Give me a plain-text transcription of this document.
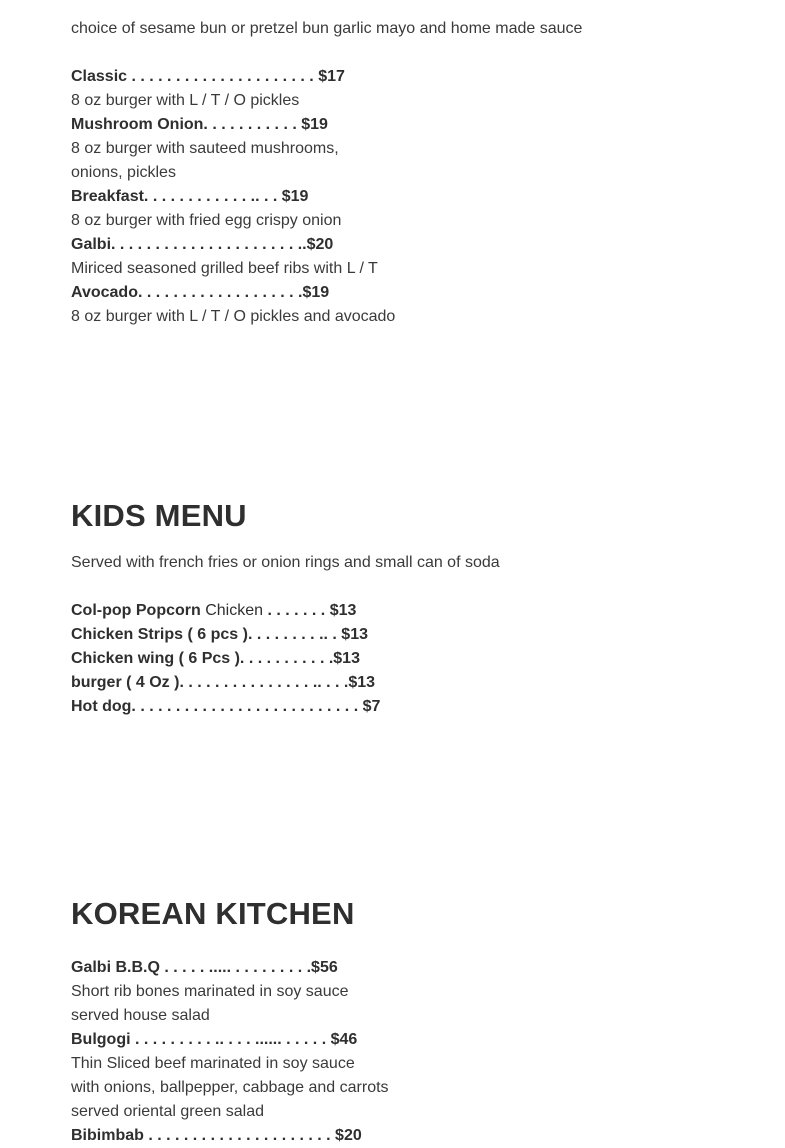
choice of sesame bun or pretzel bun garlic mayo and home made sauce
Classic . . . . . . . . . . . . . . . . . . . . . $17
8 oz burger with L / T / O pickles
Mushroom Onion. . . . . . . . . . . $19
8 oz burger with sauteed mushrooms,
onions, pickles
Breakfast. . . . . . . . . . . . .. . . $19
8 oz burger with fried egg crispy onion
Galbi. . . . . . . . . . . . . . . . . . . . . ..$20
Miriced seasoned grilled beef ribs with L / T
Avocado. . . . . . . . . . . . . . . . . . .$19
8 oz burger with L / T / O pickles and avocado
KIDS MENU
Served with french fries or onion rings and small can of soda
Col-pop Popcorn Chicken . . . . . . . $13
Chicken Strips ( 6 pcs ). . . . . . . . .. . $13
Chicken wing ( 6 Pcs ). . . . . . . . . . .$13
burger ( 4 Oz ). . . . . . . . . . . . . . . .. . . .$13
Hot dog. . . . . . . . . . . . . . . . . . . . . . . . . . $7
KOREAN KITCHEN
Galbi B.B.Q . . . . . ..... . . . . . . . . .$56
Short rib bones marinated in soy sauce
served house salad
Bulgogi . . . . . . . . . .. . . . ...... . . . . . $46
Thin Sliced beef marinated in soy sauce
with onions, ballpepper, cabbage and carrots
served oriental green salad
Bibimbab . . . . . . . . . . . . . . . . . . . . . $20
